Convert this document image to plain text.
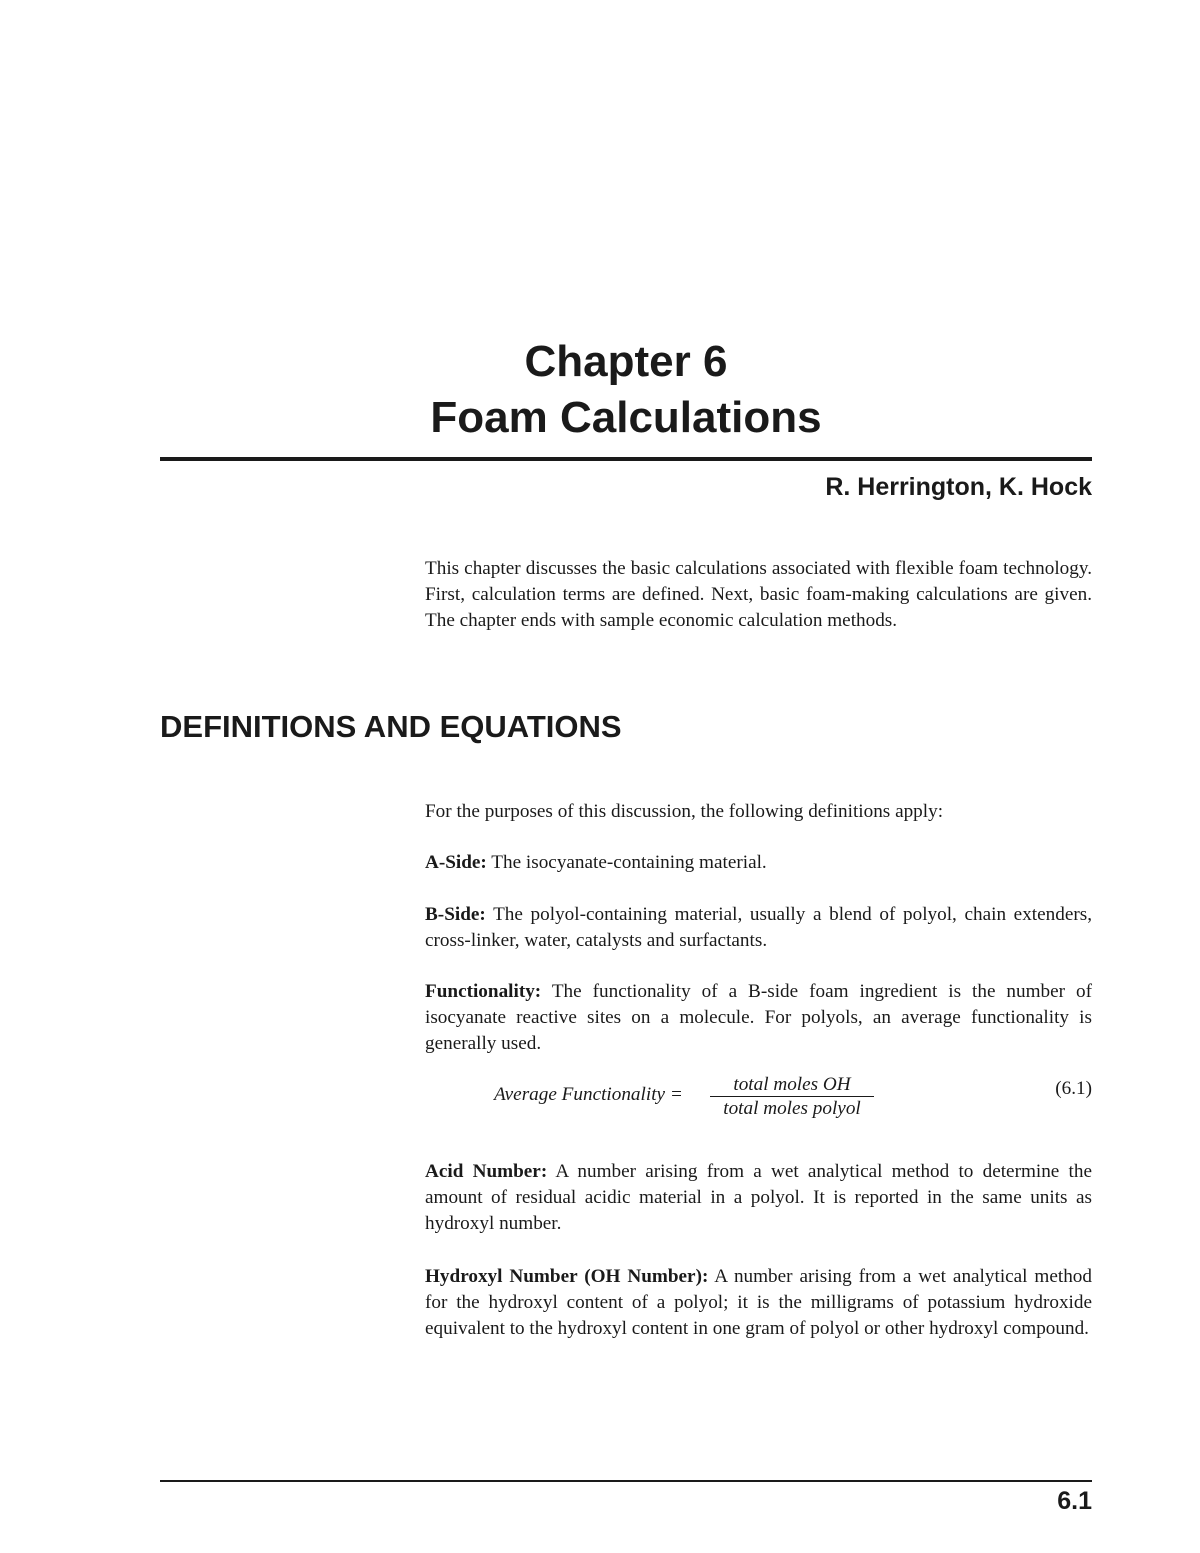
Chapter 6
Foam Calculations

R. Herrington, K. Hock

This chapter discusses the basic calculations associated with flexible foam technology. First, calculation terms are defined. Next, basic foam-making calculations are given. The chapter ends with sample economic calculation methods.

DEFINITIONS AND EQUATIONS

For the purposes of this discussion, the following definitions apply:

A-Side: The isocyanate-containing material.

B-Side: The polyol-containing material, usually a blend of polyol, chain extenders, cross-linker, water, catalysts and surfactants.

Functionality: The functionality of a B-side foam ingredient is the number of isocyanate reactive sites on a molecule. For polyols, an average functionality is generally used.

Average Functionality =	total moles OH
total moles polyol
(6.1)

Acid Number: A number arising from a wet analytical method to determine the amount of residual acidic material in a polyol. It is reported in the same units as hydroxyl number.

Hydroxyl Number (OH Number): A number arising from a wet analytical method for the hydroxyl content of a polyol; it is the milligrams of potassium hydroxide equivalent to the hydroxyl content in one gram of polyol or other hydroxyl compound.

6.1
